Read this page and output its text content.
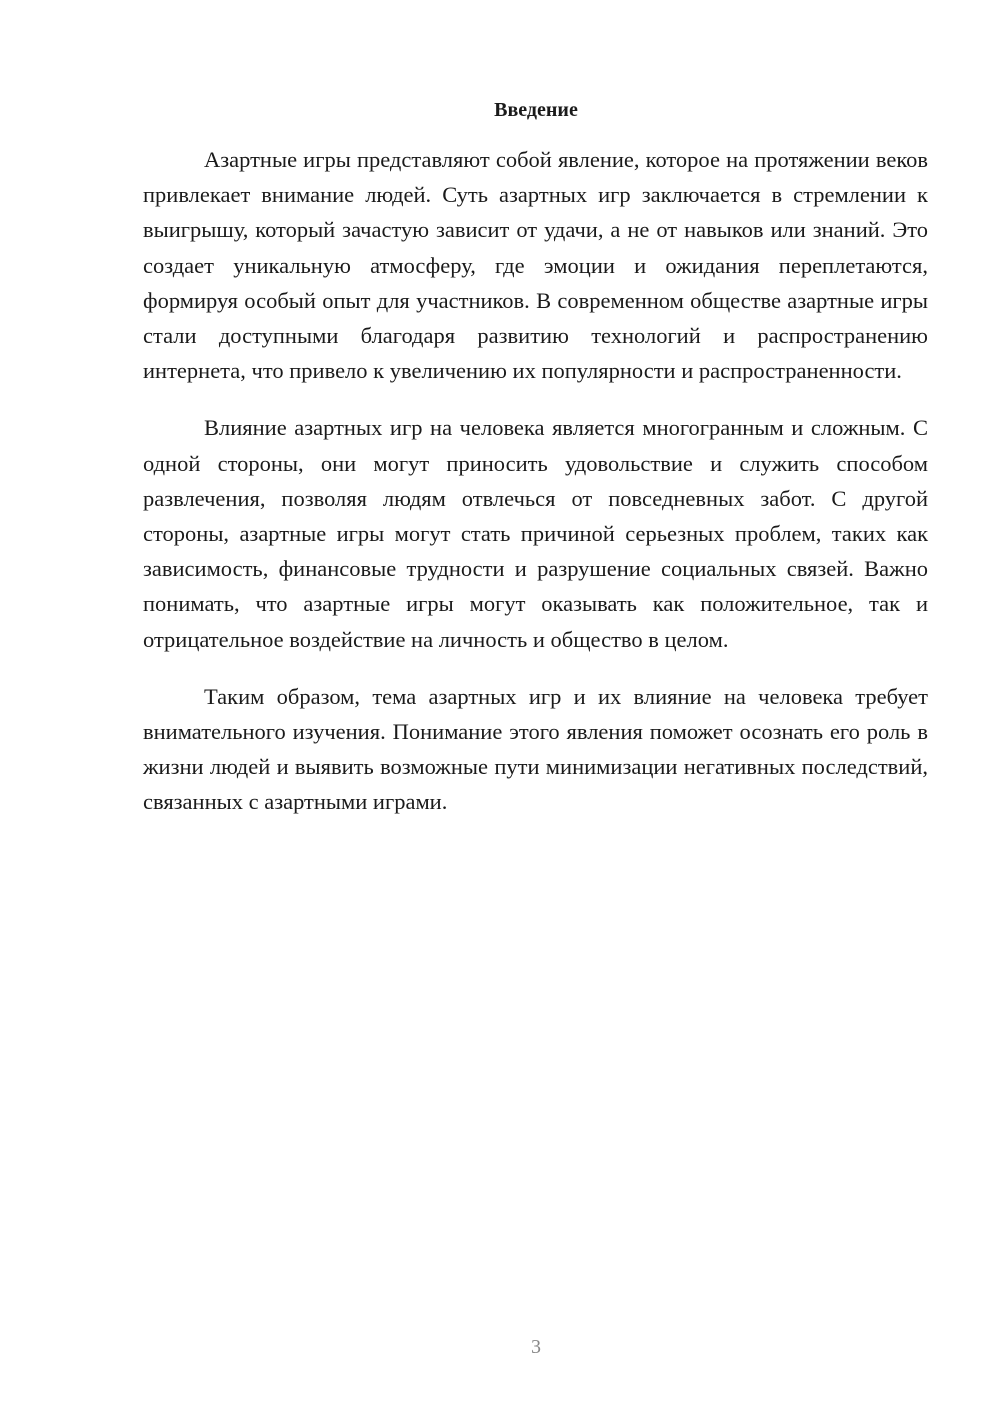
Введение

Азартные игры представляют собой явление, которое на протяжении веков привлекает внимание людей. Суть азартных игр заключается в стремлении к выигрышу, который зачастую зависит от удачи, а не от навыков или знаний. Это создает уникальную атмосферу, где эмоции и ожидания переплетаются, формируя особый опыт для участников. В современном обществе азартные игры стали доступными благодаря развитию технологий и распространению интернета, что привело к увеличению их популярности и распространенности.

Влияние азартных игр на человека является многогранным и сложным. С одной стороны, они могут приносить удовольствие и служить способом развлечения, позволяя людям отвлечься от повседневных забот. С другой стороны, азартные игры могут стать причиной серьезных проблем, таких как зависимость, финансовые трудности и разрушение социальных связей. Важно понимать, что азартные игры могут оказывать как положительное, так и отрицательное воздействие на личность и общество в целом.

Таким образом, тема азартных игр и их влияние на человека требует внимательного изучения. Понимание этого явления поможет осознать его роль в жизни людей и выявить возможные пути минимизации негативных последствий, связанных с азартными играми.

3
